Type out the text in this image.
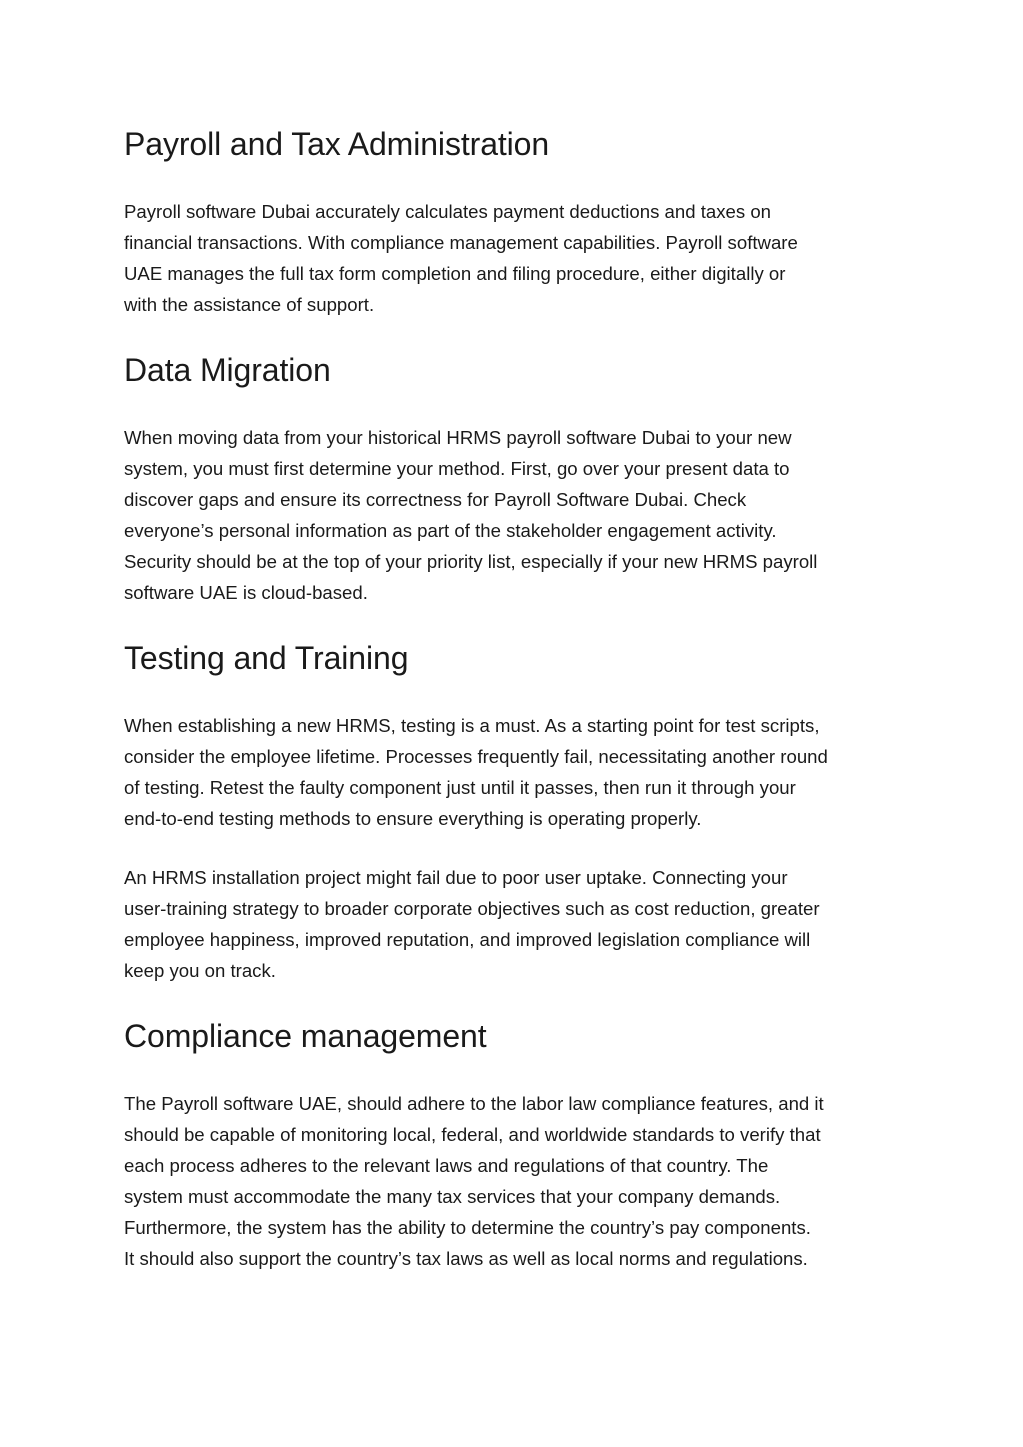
Payroll and Tax Administration

Payroll software Dubai accurately calculates payment deductions and taxes on
financial transactions. With compliance management capabilities. Payroll software
UAE manages the full tax form completion and filing procedure, either digitally or
with the assistance of support.

Data Migration

When moving data from your historical HRMS payroll software Dubai to your new
system, you must first determine your method. First, go over your present data to
discover gaps and ensure its correctness for Payroll Software Dubai. Check
everyone’s personal information as part of the stakeholder engagement activity.
Security should be at the top of your priority list, especially if your new HRMS payroll
software UAE is cloud-based.

Testing and Training

When establishing a new HRMS, testing is a must. As a starting point for test scripts,
consider the employee lifetime. Processes frequently fail, necessitating another round
of testing. Retest the faulty component just until it passes, then run it through your
end-to-end testing methods to ensure everything is operating properly.

An HRMS installation project might fail due to poor user uptake. Connecting your
user-training strategy to broader corporate objectives such as cost reduction, greater
employee happiness, improved reputation, and improved legislation compliance will
keep you on track.

Compliance management

The Payroll software UAE, should adhere to the labor law compliance features, and it
should be capable of monitoring local, federal, and worldwide standards to verify that
each process adheres to the relevant laws and regulations of that country. The
system must accommodate the many tax services that your company demands.
Furthermore, the system has the ability to determine the country’s pay components.
It should also support the country’s tax laws as well as local norms and regulations.
